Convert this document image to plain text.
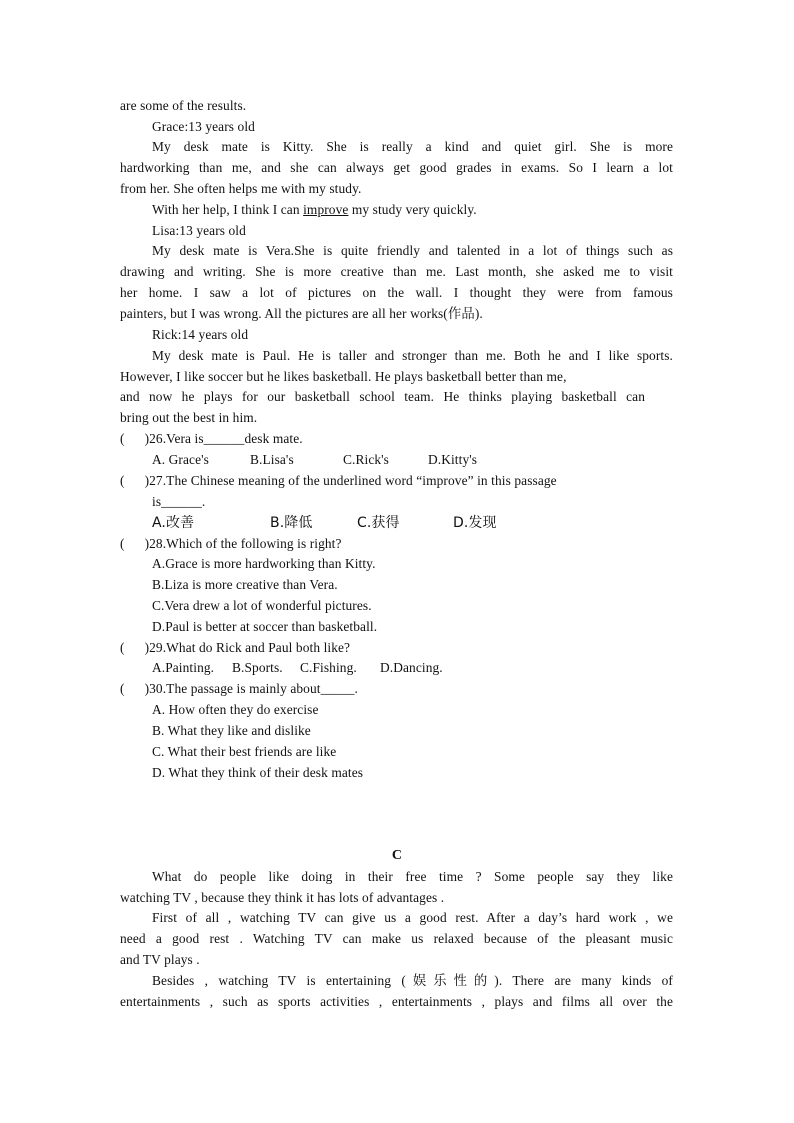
are some of the results.
Grace:13 years old
My desk mate is Kitty. She is really a kind and quiet girl. She is more
hardworking than me, and she can always get good grades in exams. So I learn a lot
from her. She often helps me with my study.
With her help, I think I can improve my study very quickly.
Lisa:13 years old
My desk mate is Vera.She is quite friendly and talented in a lot of things such as
drawing and writing. She is more creative than me. Last month, she asked me to visit
her home. I saw a lot of pictures on the wall. I thought they were from famous
painters, but I was wrong. All the pictures are all her works(作品).
Rick:14 years old
My desk mate is Paul. He is taller and stronger than me. Both he and I like sports.
However, I like soccer but he likes basketball. He plays basketball better than me,
and now he plays for our basketball school team. He thinks playing basketball can
bring out the best in him.
( )26.Vera is______desk mate.
A. Grace's	B.Lisa's	C.Rick's	D.Kitty's
( )27.The Chinese meaning of the underlined word “improve” in this passage
is______.
A.改善	B.降低	C.获得	D.发现
( )28.Which of the following is right?
A.Grace is more hardworking than Kitty.
B.Liza is more creative than Vera.
C.Vera drew a lot of wonderful pictures.
D.Paul is better at soccer than basketball.
( )29.What do Rick and Paul both like?
A.Painting. B.Sports. C.Fishing. D.Dancing.
( )30.The passage is mainly about_____.
A. How often they do exercise
B. What they like and dislike
C. What their best friends are like
D. What they think of their desk mates
C
What do people like doing in their free time ? Some people say they like
watching TV , because they think it has lots of advantages .
First of all , watching TV can give us a good rest. After a day’s hard work , we
need a good rest . Watching TV can make us relaxed because of the pleasant music
and TV plays .
Besides , watching TV is entertaining (娱乐性的). There are many kinds of
entertainments , such as sports activities , entertainments , plays and films all over the
